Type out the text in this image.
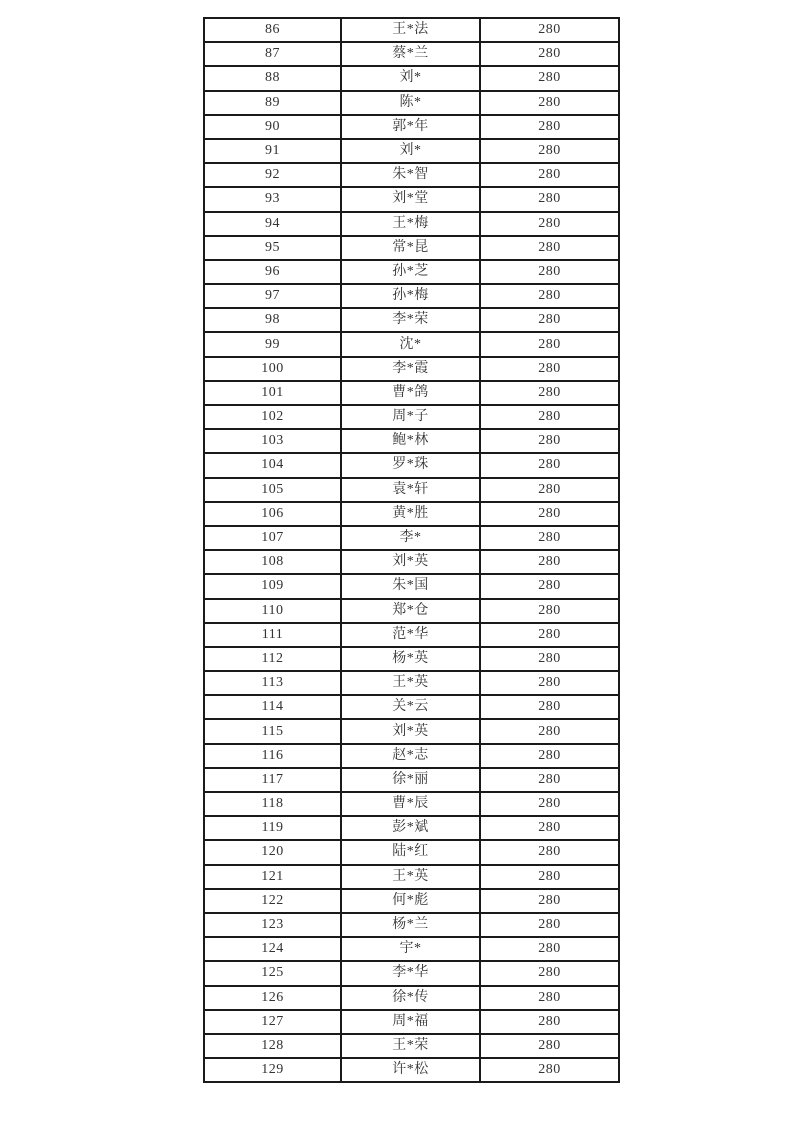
86	王*法	280
87	蔡*兰	280
88	刘*	280
89	陈*	280
90	郭*年	280
91	刘*	280
92	朱*智	280
93	刘*堂	280
94	王*梅	280
95	常*昆	280
96	孙*芝	280
97	孙*梅	280
98	李*荣	280
99	沈*	280
100	李*霞	280
101	曹*鸽	280
102	周*子	280
103	鲍*林	280
104	罗*珠	280
105	袁*轩	280
106	黄*胜	280
107	李*	280
108	刘*英	280
109	朱*国	280
110	郑*仓	280
111	范*华	280
112	杨*英	280
113	王*英	280
114	关*云	280
115	刘*英	280
116	赵*志	280
117	徐*丽	280
118	曹*辰	280
119	彭*斌	280
120	陆*红	280
121	王*英	280
122	何*彪	280
123	杨*兰	280
124	宇*	280
125	李*华	280
126	徐*传	280
127	周*福	280
128	王*荣	280
129	许*松	280
